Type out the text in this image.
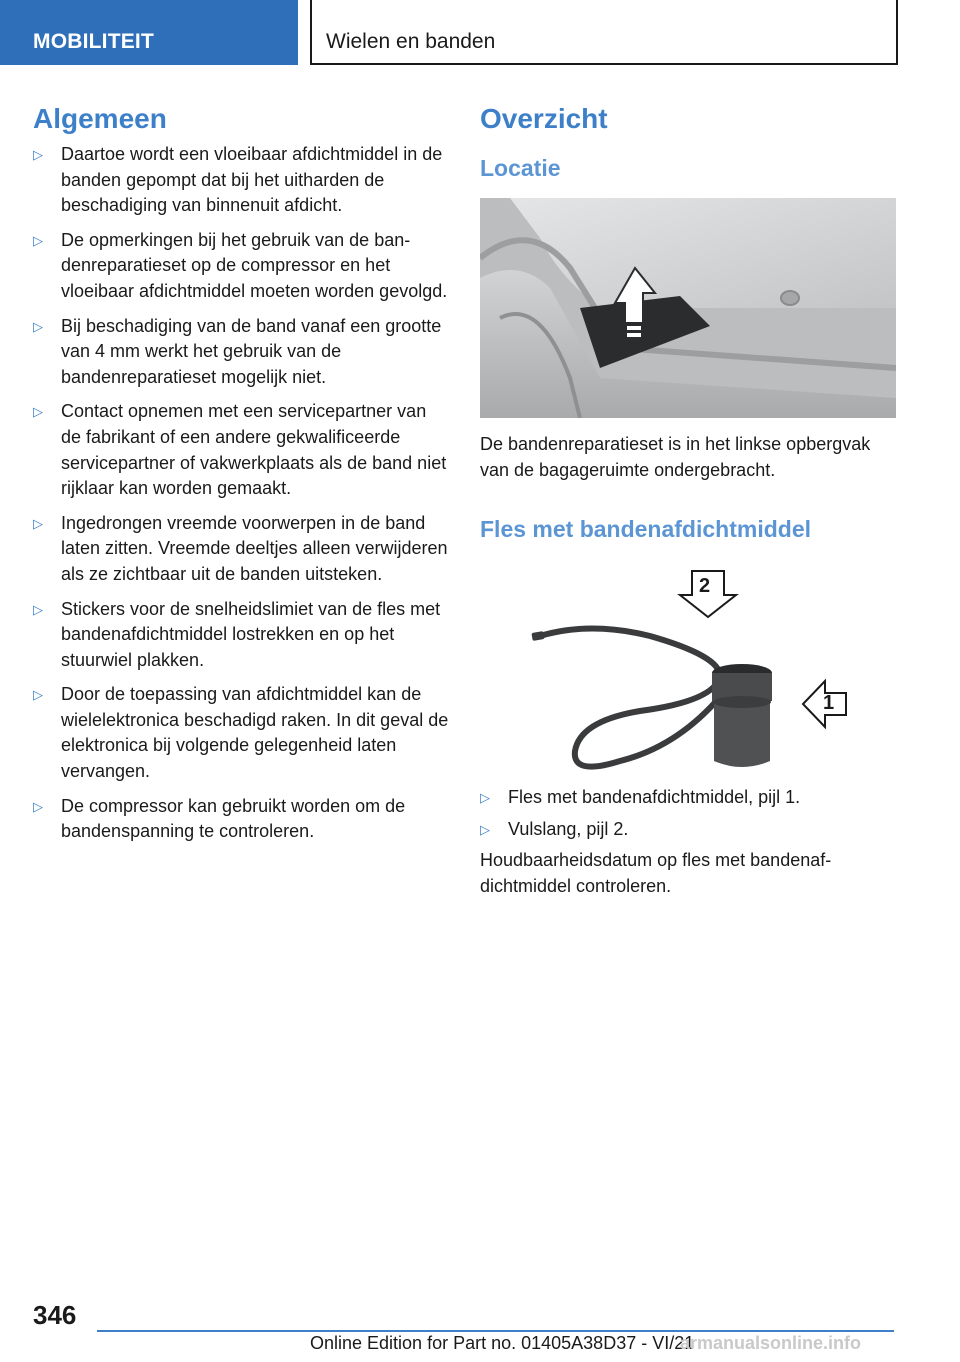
MOBILITEIT	Wielen en banden
Algemeen
▷ Daartoe wordt een vloeibaar afdichtmiddel in de banden gepompt dat bij het uitharden de beschadiging van binnenuit afdicht.
▷ De opmerkingen bij het gebruik van de bandenreparatieset op de compressor en het vloeibaar afdichtmiddel moeten worden gevolgd.
▷ Bij beschadiging van de band vanaf een grootte van 4 mm werkt het gebruik van de bandenreparatieset mogelijk niet.
▷ Contact opnemen met een servicepartner van de fabrikant of een andere gekwalificeerde servicepartner of vakwerkplaats als de band niet rijklaar kan worden gemaakt.
▷ Ingedrongen vreemde voorwerpen in de band laten zitten. Vreemde deeltjes alleen verwijderen als ze zichtbaar uit de banden uitsteken.
▷ Stickers voor de snelheidslimiet van de fles met bandenafdichtmiddel lostrekken en op het stuurwiel plakken.
▷ Door de toepassing van afdichtmiddel kan de wielelektronica beschadigd raken. In dit geval de elektronica bij volgende gelegenheid laten vervangen.
▷ De compressor kan gebruikt worden om de bandenspanning te controleren.
Overzicht
Locatie

De bandenreparatieset is in het linkse opbergvak van de bagageruimte ondergebracht.

Fles met bandenafdichtmiddel
2
1
▷ Fles met bandenafdichtmiddel, pijl 1.
▷ Vulslang, pijl 2.

Houdbaarheidsdatum op fles met bandenafdichtmiddel controleren.

346
Online Edition for Part no. 01405A38D37 - VI/21
armanualsonline.info
